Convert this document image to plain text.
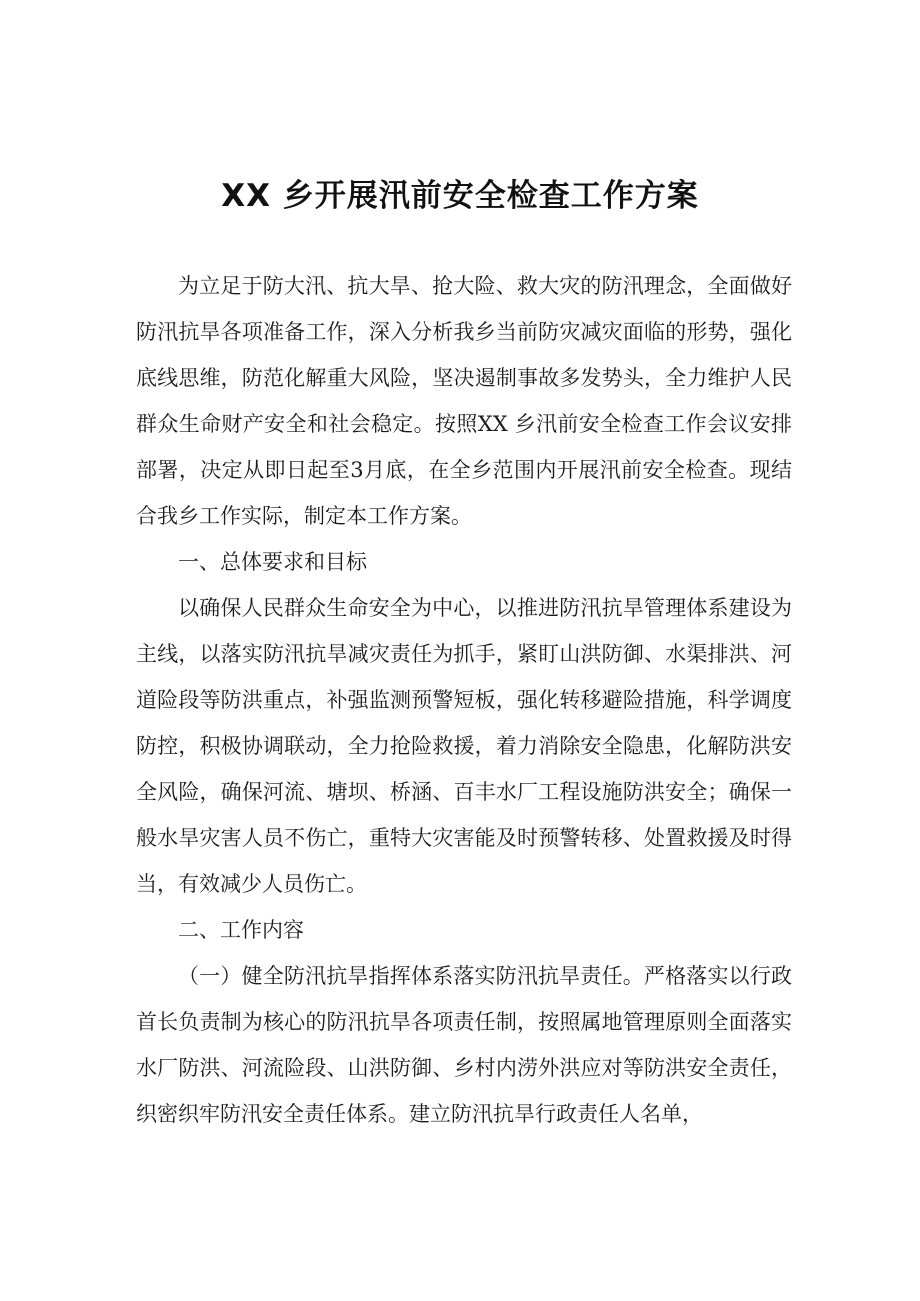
XX 乡开展汛前安全检查工作方案

为立足于防大汛、抗大旱、抢大险、救大灾的防汛理念，全面做好防汛抗旱各项准备工作，深入分析我乡当前防灾减灾面临的形势，强化底线思维，防范化解重大风险，坚决遏制事故多发势头，全力维护人民群众生命财产安全和社会稳定。按照XX 乡汛前安全检查工作会议安排部署，决定从即日起至3月底，在全乡范围内开展汛前安全检查。现结合我乡工作实际，制定本工作方案。

一、总体要求和目标

以确保人民群众生命安全为中心，以推进防汛抗旱管理体系建设为主线，以落实防汛抗旱减灾责任为抓手，紧盯山洪防御、水渠排洪、河道险段等防洪重点，补强监测预警短板，强化转移避险措施，科学调度防控，积极协调联动，全力抢险救援，着力消除安全隐患，化解防洪安全风险，确保河流、塘坝、桥涵、百丰水厂工程设施防洪安全；确保一般水旱灾害人员不伤亡，重特大灾害能及时预警转移、处置救援及时得当，有效减少人员伤亡。

二、工作内容

（一）健全防汛抗旱指挥体系落实防汛抗旱责任。严格落实以行政首长负责制为核心的防汛抗旱各项责任制，按照属地管理原则全面落实水厂防洪、河流险段、山洪防御、乡村内涝外洪应对等防洪安全责任，织密织牢防汛安全责任体系。建立防汛抗旱行政责任人名单，
